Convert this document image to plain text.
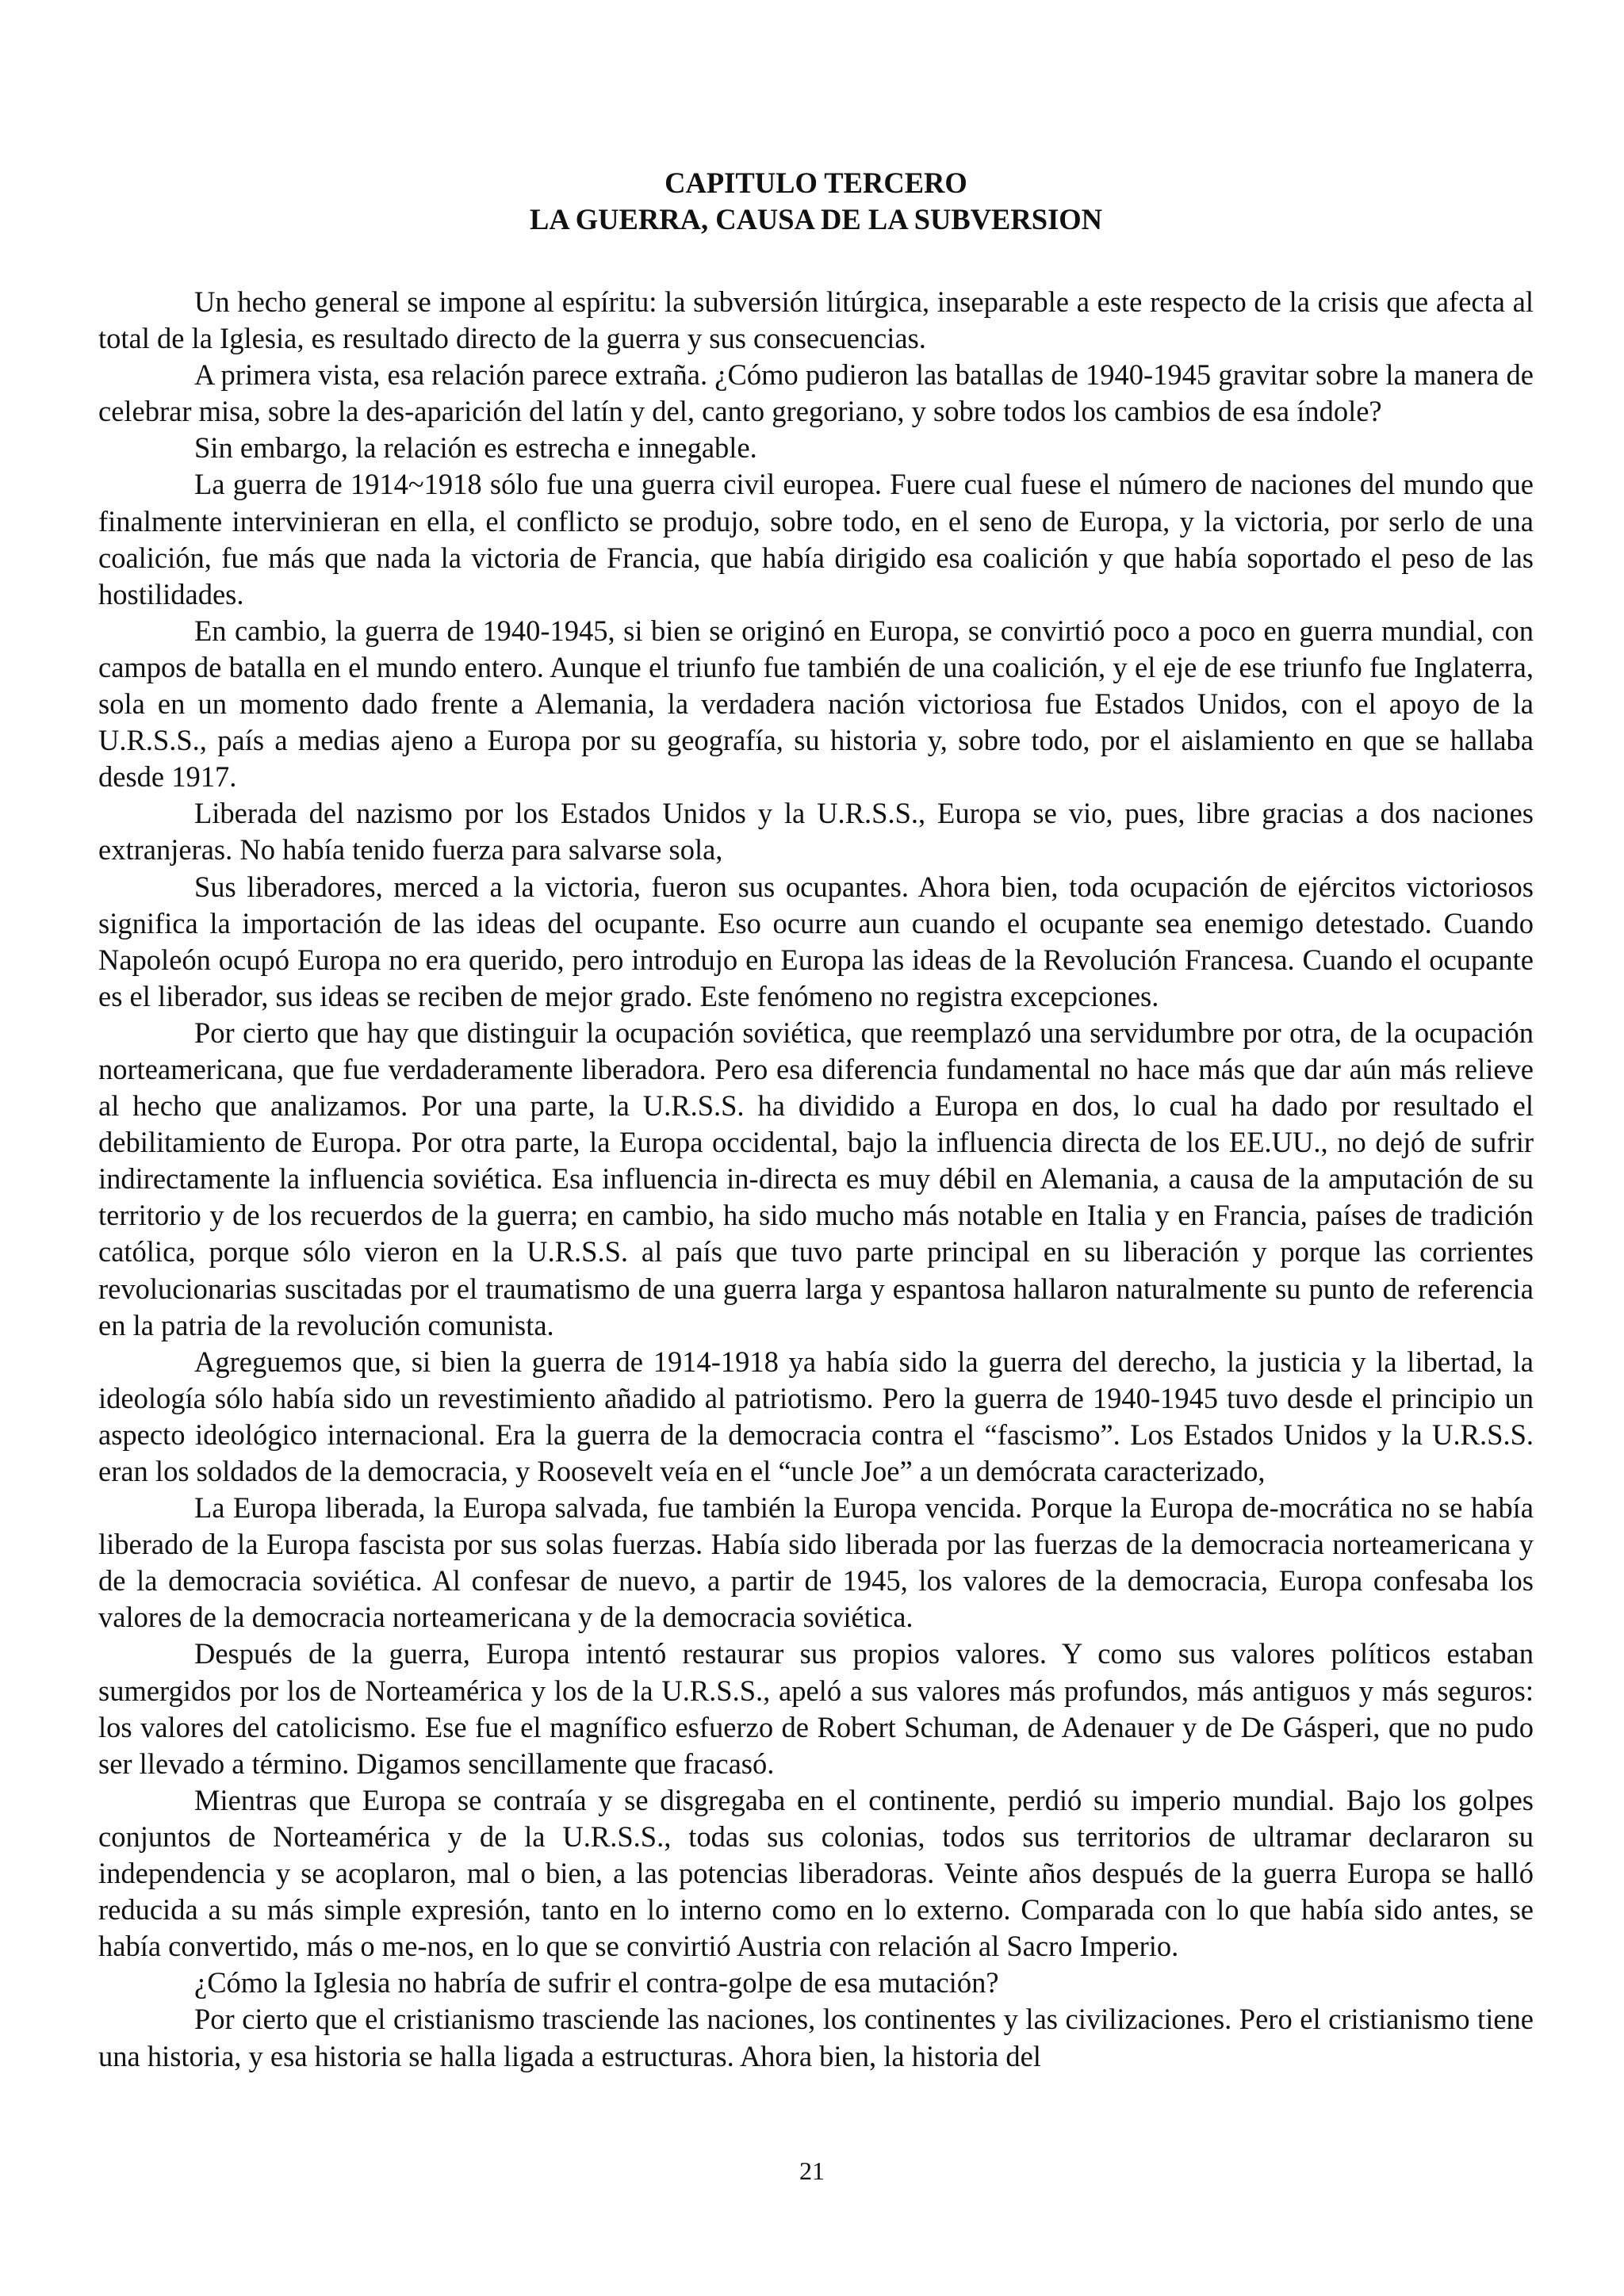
CAPITULO TERCERO
LA GUERRA, CAUSA DE LA SUBVERSION

Un hecho general se impone al espíritu: la subversión litúrgica, inseparable a este respecto de la crisis que afecta al total de la Iglesia, es resultado directo de la guerra y sus consecuencias.

A primera vista, esa relación parece extraña. ¿Cómo pudieron las batallas de 1940-1945 gravitar sobre la manera de celebrar misa, sobre la des-aparición del latín y del, canto gregoriano, y sobre todos los cambios de esa índole?

Sin embargo, la relación es estrecha e innegable.

La guerra de 1914~1918 sólo fue una guerra civil europea. Fuere cual fuese el número de naciones del mundo que finalmente intervinieran en ella, el conflicto se produjo, sobre todo, en el seno de Europa, y la victoria, por serlo de una coalición, fue más que nada la victoria de Francia, que había dirigido esa coalición y que había soportado el peso de las hostilidades.

En cambio, la guerra de 1940-1945, si bien se originó en Europa, se convirtió poco a poco en guerra mundial, con campos de batalla en el mundo entero. Aunque el triunfo fue también de una coalición, y el eje de ese triunfo fue Inglaterra, sola en un momento dado frente a Alemania, la verdadera nación victoriosa fue Estados Unidos, con el apoyo de la U.R.S.S., país a medias ajeno a Europa por su geografía, su historia y, sobre todo, por el aislamiento en que se hallaba desde 1917.

Liberada del nazismo por los Estados Unidos y la U.R.S.S., Europa se vio, pues, libre gracias a dos naciones extranjeras. No había tenido fuerza para salvarse sola,

Sus liberadores, merced a la victoria, fueron sus ocupantes. Ahora bien, toda ocupación de ejércitos victoriosos significa la importación de las ideas del ocupante. Eso ocurre aun cuando el ocupante sea enemigo detestado. Cuando Napoleón ocupó Europa no era querido, pero introdujo en Europa las ideas de la Revolución Francesa. Cuando el ocupante es el liberador, sus ideas se reciben de mejor grado. Este fenómeno no registra excepciones.

Por cierto que hay que distinguir la ocupación soviética, que reemplazó una servidumbre por otra, de la ocupación norteamericana, que fue verdaderamente liberadora. Pero esa diferencia fundamental no hace más que dar aún más relieve al hecho que analizamos. Por una parte, la U.R.S.S. ha dividido a Europa en dos, lo cual ha dado por resultado el debilitamiento de Europa. Por otra parte, la Europa occidental, bajo la influencia directa de los EE.UU., no dejó de sufrir indirectamente la influencia soviética. Esa influencia in-directa es muy débil en Alemania, a causa de la amputación de su territorio y de los recuerdos de la guerra; en cambio, ha sido mucho más notable en Italia y en Francia, países de tradición católica, porque sólo vieron en la U.R.S.S. al país que tuvo parte principal en su liberación y porque las corrientes revolucionarias suscitadas por el traumatismo de una guerra larga y espantosa hallaron naturalmente su punto de referencia en la patria de la revolución comunista.

Agreguemos que, si bien la guerra de 1914-1918 ya había sido la guerra del derecho, la justicia y la libertad, la ideología sólo había sido un revestimiento añadido al patriotismo. Pero la guerra de 1940-1945 tuvo desde el principio un aspecto ideológico internacional. Era la guerra de la democracia contra el “fascismo”. Los Estados Unidos y la U.R.S.S. eran los soldados de la democracia, y Roosevelt veía en el “uncle Joe” a un demócrata caracterizado,

La Europa liberada, la Europa salvada, fue también la Europa vencida. Porque la Europa de-mocrática no se había liberado de la Europa fascista por sus solas fuerzas. Había sido liberada por las fuerzas de la democracia norteamericana y de la democracia soviética. Al confesar de nuevo, a partir de 1945, los valores de la democracia, Europa confesaba los valores de la democracia norteamericana y de la democracia soviética.

Después de la guerra, Europa intentó restaurar sus propios valores. Y como sus valores políticos estaban sumergidos por los de Norteamérica y los de la U.R.S.S., apeló a sus valores más profundos, más antiguos y más seguros: los valores del catolicismo. Ese fue el magnífico esfuerzo de Robert Schuman, de Adenauer y de De Gásperi, que no pudo ser llevado a término. Digamos sencillamente que fracasó.

Mientras que Europa se contraía y se disgregaba en el continente, perdió su imperio mundial. Bajo los golpes conjuntos de Norteamérica y de la U.R.S.S., todas sus colonias, todos sus territorios de ultramar declararon su independencia y se acoplaron, mal o bien, a las potencias liberadoras. Veinte años después de la guerra Europa se halló reducida a su más simple expresión, tanto en lo interno como en lo externo. Comparada con lo que había sido antes, se había convertido, más o me-nos, en lo que se convirtió Austria con relación al Sacro Imperio.

¿Cómo la Iglesia no habría de sufrir el contra-golpe de esa mutación?

Por cierto que el cristianismo trasciende las naciones, los continentes y las civilizaciones. Pero el cristianismo tiene una historia, y esa historia se halla ligada a estructuras. Ahora bien, la historia del

21
